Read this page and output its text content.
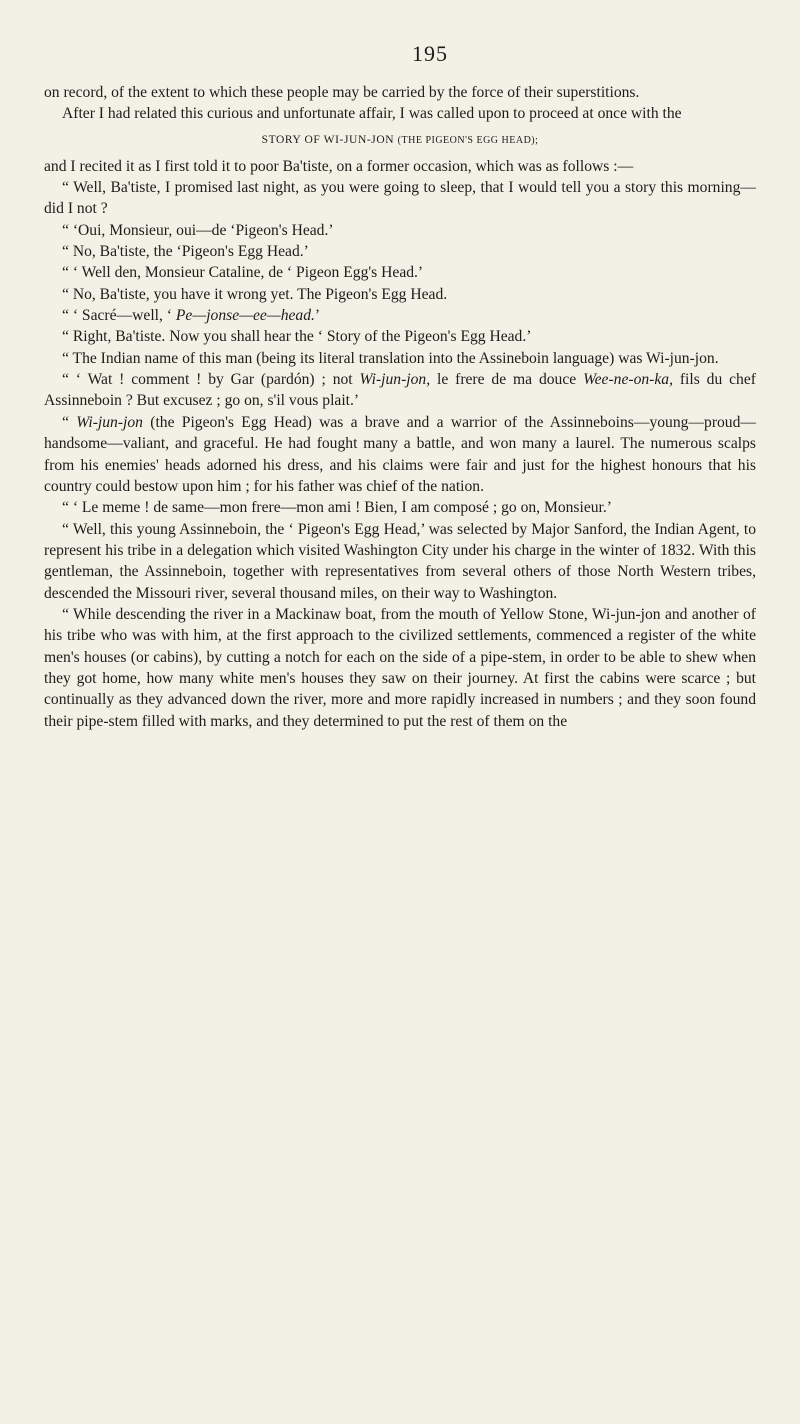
195

on record, of the extent to which these people may be carried by the force of their superstitions.

After I had related this curious and unfortunate affair, I was called upon to proceed at once with the

STORY OF WI-JUN-JON (THE PIGEON'S EGG HEAD);

and I recited it as I first told it to poor Ba'tiste, on a former occasion, which was as follows :—

“ Well, Ba'tiste, I promised last night, as you were going to sleep, that I would tell you a story this morning—did I not ?

“ ‘Oui, Monsieur, oui—de ‘Pigeon's Head.’

“ No, Ba'tiste, the ‘Pigeon's Egg Head.’

“ ‘ Well den, Monsieur Cataline, de ‘ Pigeon Egg's Head.’

“ No, Ba'tiste, you have it wrong yet. The Pigeon's Egg Head.

“ ‘ Sacré—well, ‘ Pe—jonse—ee—head.’

“ Right, Ba'tiste. Now you shall hear the ‘ Story of the Pigeon's Egg Head.’

“ The Indian name of this man (being its literal translation into the Assineboin language) was Wi-jun-jon.

“ ‘ Wat ! comment ! by Gar (pardón) ; not Wi-jun-jon, le frere de ma douce Wee-ne-on-ka, fils du chef Assinneboin ? But excusez ; go on, s'il vous plait.’

“ Wi-jun-jon (the Pigeon's Egg Head) was a brave and a warrior of the Assinneboins—young—proud—handsome—valiant, and graceful. He had fought many a battle, and won many a laurel. The numerous scalps from his enemies' heads adorned his dress, and his claims were fair and just for the highest honours that his country could bestow upon him ; for his father was chief of the nation.

“ ‘ Le meme ! de same—mon frere—mon ami ! Bien, I am composé ; go on, Monsieur.’

“ Well, this young Assinneboin, the ‘ Pigeon's Egg Head,’ was selected by Major Sanford, the Indian Agent, to represent his tribe in a delegation which visited Washington City under his charge in the winter of 1832. With this gentleman, the Assinneboin, together with representatives from several others of those North Western tribes, descended the Missouri river, several thousand miles, on their way to Washington.

“ While descending the river in a Mackinaw boat, from the mouth of Yellow Stone, Wi-jun-jon and another of his tribe who was with him, at the first approach to the civilized settlements, commenced a register of the white men's houses (or cabins), by cutting a notch for each on the side of a pipe-stem, in order to be able to shew when they got home, how many white men's houses they saw on their journey. At first the cabins were scarce ; but continually as they advanced down the river, more and more rapidly increased in numbers ; and they soon found their pipe-stem filled with marks, and they determined to put the rest of them on the
